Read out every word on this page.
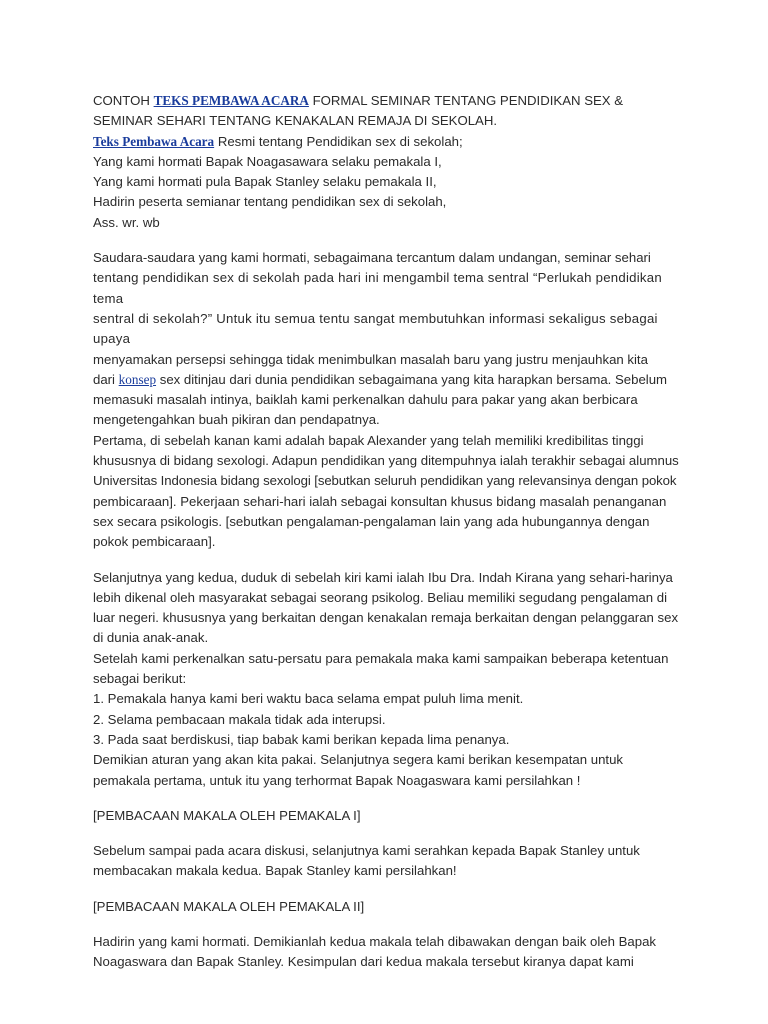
CONTOH TEKS PEMBAWA ACARA FORMAL SEMINAR TENTANG PENDIDIKAN SEX &

SEMINAR SEHARI TENTANG KENAKALAN REMAJA DI SEKOLAH.

Teks Pembawa Acara Resmi tentang Pendidikan sex di sekolah;

Yang kami hormati Bapak Noagasawara selaku pemakala I,

Yang kami hormati pula Bapak Stanley selaku pemakala II,

Hadirin peserta semianar tentang pendidikan sex di sekolah,

Ass. wr. wb

Saudara-saudara yang kami hormati, sebagaimana tercantum dalam undangan, seminar sehari

tentang pendidikan sex di sekolah pada hari ini mengambil tema sentral “Perlukah pendidikan tema

sentral di sekolah?” Untuk itu semua tentu sangat membutuhkan informasi sekaligus sebagai upaya

menyamakan persepsi sehingga tidak menimbulkan masalah baru yang justru menjauhkan kita

dari konsep sex ditinjau dari dunia pendidikan sebagaimana yang kita harapkan bersama. Sebelum

memasuki masalah intinya, baiklah kami perkenalkan dahulu para pakar yang akan berbicara

mengetengahkan buah pikiran dan pendapatnya.

Pertama, di sebelah kanan kami adalah bapak Alexander yang telah memiliki kredibilitas tinggi

khususnya di bidang sexologi. Adapun pendidikan yang ditempuhnya ialah terakhir sebagai alumnus

Universitas Indonesia bidang sexologi [sebutkan seluruh pendidikan yang relevansinya dengan pokok

pembicaraan]. Pekerjaan sehari-hari ialah sebagai konsultan khusus bidang masalah penanganan

sex secara psikologis. [sebutkan pengalaman-pengalaman lain yang ada hubungannya dengan

pokok pembicaraan].

Selanjutnya yang kedua, duduk di sebelah kiri kami ialah Ibu Dra. Indah Kirana yang sehari-harinya

lebih dikenal oleh masyarakat sebagai seorang psikolog. Beliau memiliki segudang pengalaman di

luar negeri. khususnya yang berkaitan dengan kenakalan remaja berkaitan dengan pelanggaran sex

di dunia anak-anak.

Setelah kami perkenalkan satu-persatu para pemakala maka kami sampaikan beberapa ketentuan

sebagai berikut:

1. Pemakala hanya kami beri waktu baca selama empat puluh lima menit.

2. Selama pembacaan makala tidak ada interupsi.

3. Pada saat berdiskusi, tiap babak kami berikan kepada lima penanya.

Demikian aturan yang akan kita pakai. Selanjutnya segera kami berikan kesempatan untuk

pemakala pertama, untuk itu yang terhormat Bapak Noagaswara kami persilahkan !

[PEMBACAAN MAKALA OLEH PEMAKALA I]

Sebelum sampai pada acara diskusi, selanjutnya kami serahkan kepada Bapak Stanley untuk

membacakan makala kedua. Bapak Stanley kami persilahkan!

[PEMBACAAN MAKALA OLEH PEMAKALA II]

Hadirin yang kami hormati. Demikianlah kedua makala telah dibawakan dengan baik oleh Bapak

Noagaswara dan Bapak Stanley. Kesimpulan dari kedua makala tersebut kiranya dapat kami
